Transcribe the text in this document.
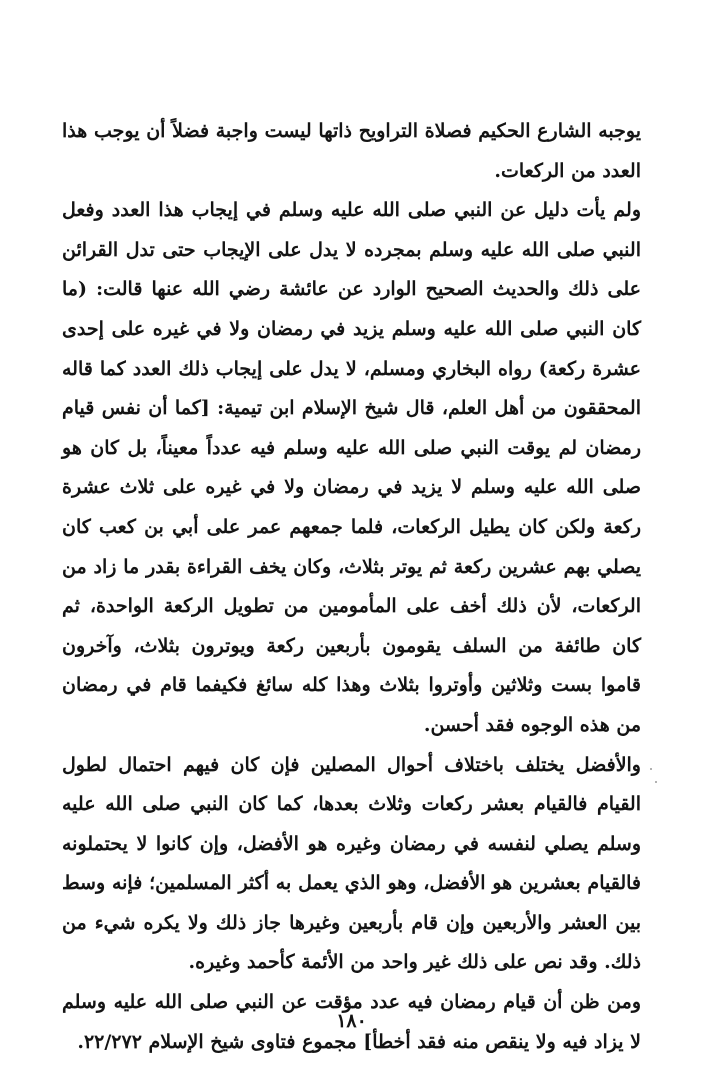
يوجبه الشارع الحكيم فصلاة التراويح ذاتها ليست واجبة فضلاً أن يوجب هذا العدد من الركعات.

ولم يأت دليل عن النبي صلى الله عليه وسلم في إيجاب هذا العدد وفعل النبي صلى الله عليه وسلم بمجرده لا يدل على الإيجاب حتى تدل القرائن على ذلك والحديث الصحيح الوارد عن عائشة رضي الله عنها قالت: (ما كان النبي صلى الله عليه وسلم يزيد في رمضان ولا في غيره على إحدى عشرة ركعة) رواه البخاري ومسلم، لا يدل على إيجاب ذلك العدد كما قاله المحققون من أهل العلم، قال شيخ الإسلام ابن تيمية: [كما أن نفس قيام رمضان لم يوقت النبي صلى الله عليه وسلم فيه عدداً معيناً، بل كان هو صلى الله عليه وسلم لا يزيد في رمضان ولا في غيره على ثلاث عشرة ركعة ولكن كان يطيل الركعات، فلما جمعهم عمر على أبي بن كعب كان يصلي بهم عشرين ركعة ثم يوتر بثلاث، وكان يخف القراءة بقدر ما زاد من الركعات، لأن ذلك أخف على المأمومين من تطويل الركعة الواحدة، ثم كان طائفة من السلف يقومون بأربعين ركعة ويوترون بثلاث، وآخرون قاموا بست وثلاثين وأوتروا بثلاث وهذا كله سائغ فكيفما قام في رمضان من هذه الوجوه فقد أحسن.

والأفضل يختلف باختلاف أحوال المصلين فإن كان فيهم احتمال لطول القيام فالقيام بعشر ركعات وثلاث بعدها، كما كان النبي صلى الله عليه وسلم يصلي لنفسه في رمضان وغيره هو الأفضل، وإن كانوا لا يحتملونه فالقيام بعشرين هو الأفضل، وهو الذي يعمل به أكثر المسلمين؛ فإنه وسط بين العشر والأربعين وإن قام بأربعين وغيرها جاز ذلك ولا يكره شيء من ذلك. وقد نص على ذلك غير واحد من الأئمة كأحمد وغيره.

ومن ظن أن قيام رمضان فيه عدد مؤقت عن النبي صلى الله عليه وسلم لا يزاد فيه ولا ينقص منه فقد أخطأ] مجموع فتاوى شيخ الإسلام ٢٢/٢٧٢.

١٨٠
